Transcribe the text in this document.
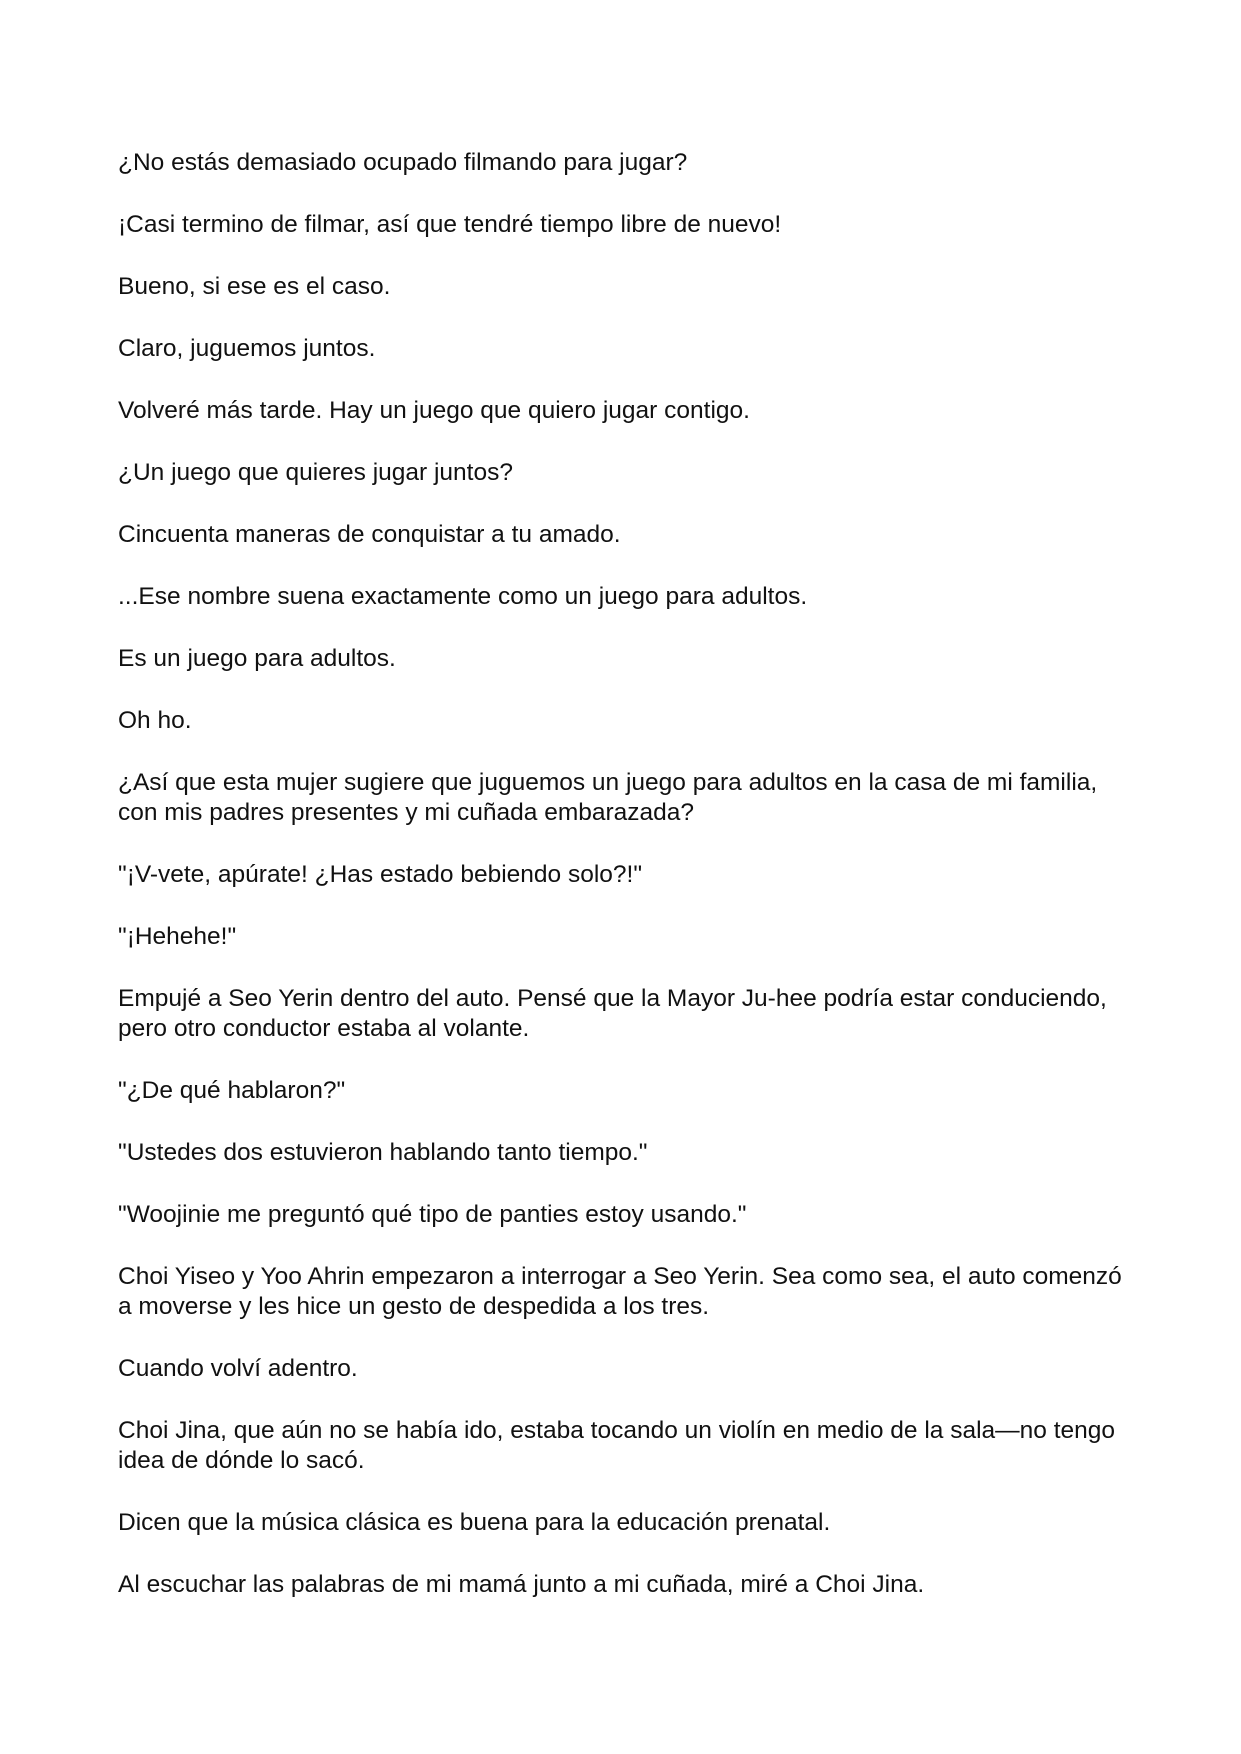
¿No estás demasiado ocupado filmando para jugar?

¡Casi termino de filmar, así que tendré tiempo libre de nuevo!

Bueno, si ese es el caso.

Claro, juguemos juntos.

Volveré más tarde. Hay un juego que quiero jugar contigo.

¿Un juego que quieres jugar juntos?

Cincuenta maneras de conquistar a tu amado.

...Ese nombre suena exactamente como un juego para adultos.

Es un juego para adultos.

Oh ho.

¿Así que esta mujer sugiere que juguemos un juego para adultos en la casa de mi familia, con mis padres presentes y mi cuñada embarazada?

"¡V-vete, apúrate! ¿Has estado bebiendo solo?!"

"¡Hehehe!"

Empujé a Seo Yerin dentro del auto. Pensé que la Mayor Ju-hee podría estar conduciendo, pero otro conductor estaba al volante.

"¿De qué hablaron?"

"Ustedes dos estuvieron hablando tanto tiempo."

"Woojinie me preguntó qué tipo de panties estoy usando."

Choi Yiseo y Yoo Ahrin empezaron a interrogar a Seo Yerin. Sea como sea, el auto comenzó a moverse y les hice un gesto de despedida a los tres.

Cuando volví adentro.

Choi Jina, que aún no se había ido, estaba tocando un violín en medio de la sala—no tengo idea de dónde lo sacó.

Dicen que la música clásica es buena para la educación prenatal.

Al escuchar las palabras de mi mamá junto a mi cuñada, miré a Choi Jina.
